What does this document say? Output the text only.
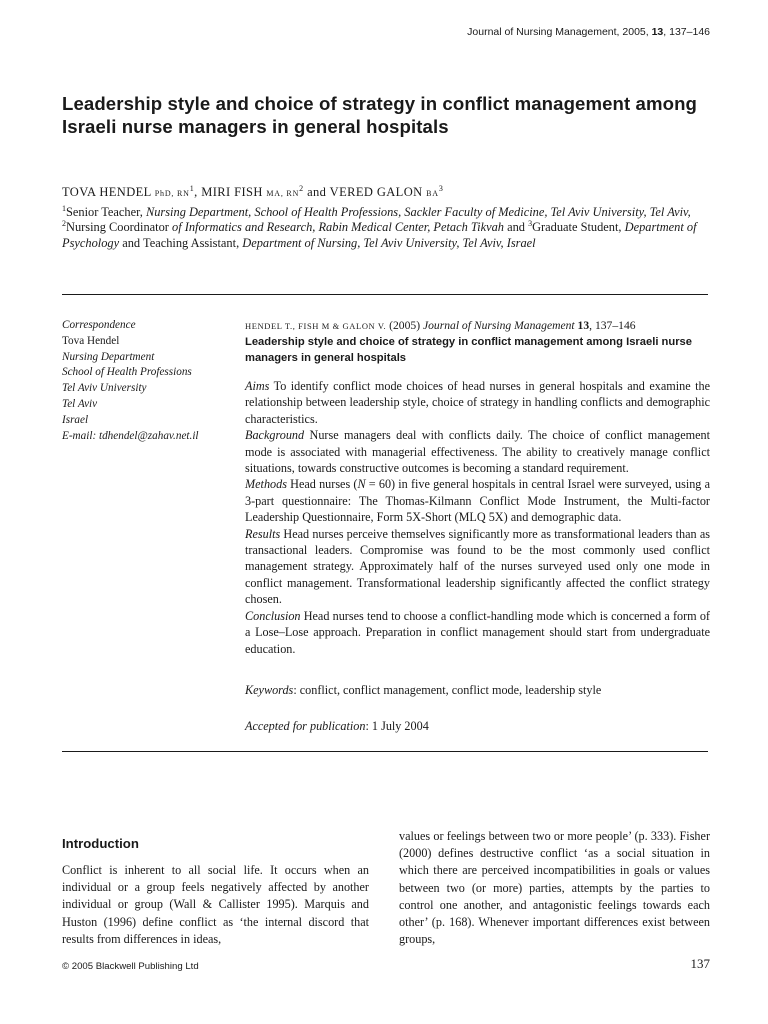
Journal of Nursing Management, 2005, 13, 137–146
Leadership style and choice of strategy in conflict management among Israeli nurse managers in general hospitals
TOVA HENDEL PhD, $RN^1$, MIRI FISH MA, $RN^2$ and VERED GALON $BA^3$
$^1$Senior Teacher, Nursing Department, School of Health Professions, Sackler Faculty of Medicine, Tel Aviv University, Tel Aviv, $^2$Nursing Coordinator of Informatics and Research, Rabin Medical Center, Petach Tikvah and $^3$Graduate Student, Department of Psychology and Teaching Assistant, Department of Nursing, Tel Aviv University, Tel Aviv, Israel
Correspondence
Tova Hendel
Nursing Department
School of Health Professions
Tel Aviv University
Tel Aviv
Israel
E-mail: tdhendel@zahav.net.il
HENDEL T., FISH M & GALON V. (2005) Journal of Nursing Management 13, 137–146
Leadership style and choice of strategy in conflict management among Israeli nurse managers in general hospitals

Aims To identify conflict mode choices of head nurses in general hospitals and examine the relationship between leadership style, choice of strategy in handling conflicts and demographic characteristics.

Background Nurse managers deal with conflicts daily. The choice of conflict management mode is associated with managerial effectiveness. The ability to creatively manage conflict situations, towards constructive outcomes is becoming a standard requirement.

Methods Head nurses (N = 60) in five general hospitals in central Israel were surveyed, using a 3-part questionnaire: The Thomas-Kilmann Conflict Mode Instrument, the Multi-factor Leadership Questionnaire, Form 5X-Short (MLQ 5X) and demographic data.

Results Head nurses perceive themselves significantly more as transformational leaders than as transactional leaders. Compromise was found to be the most commonly used conflict management strategy. Approximately half of the nurses surveyed used only one mode in conflict management. Transformational leadership significantly affected the conflict strategy chosen.

Conclusion Head nurses tend to choose a conflict-handling mode which is concerned a form of a Lose–Lose approach. Preparation in conflict management should start from undergraduate education.

Keywords: conflict, conflict management, conflict mode, leadership style
Accepted for publication: 1 July 2004
Introduction

Conflict is inherent to all social life. It occurs when an individual or a group feels negatively affected by another individual or group (Wall & Callister 1995). Marquis and Huston (1996) define conflict as ‘the internal discord that results from differences in ideas,

values or feelings between two or more people’ (p. 333). Fisher (2000) defines destructive conflict ‘as a social situation in which there are perceived incompatibilities in goals or values between two (or more) parties, attempts by the parties to control one another, and antagonistic feelings towards each other’ (p. 168). Whenever important differences exist between groups,

© 2005 Blackwell Publishing Ltd	137
